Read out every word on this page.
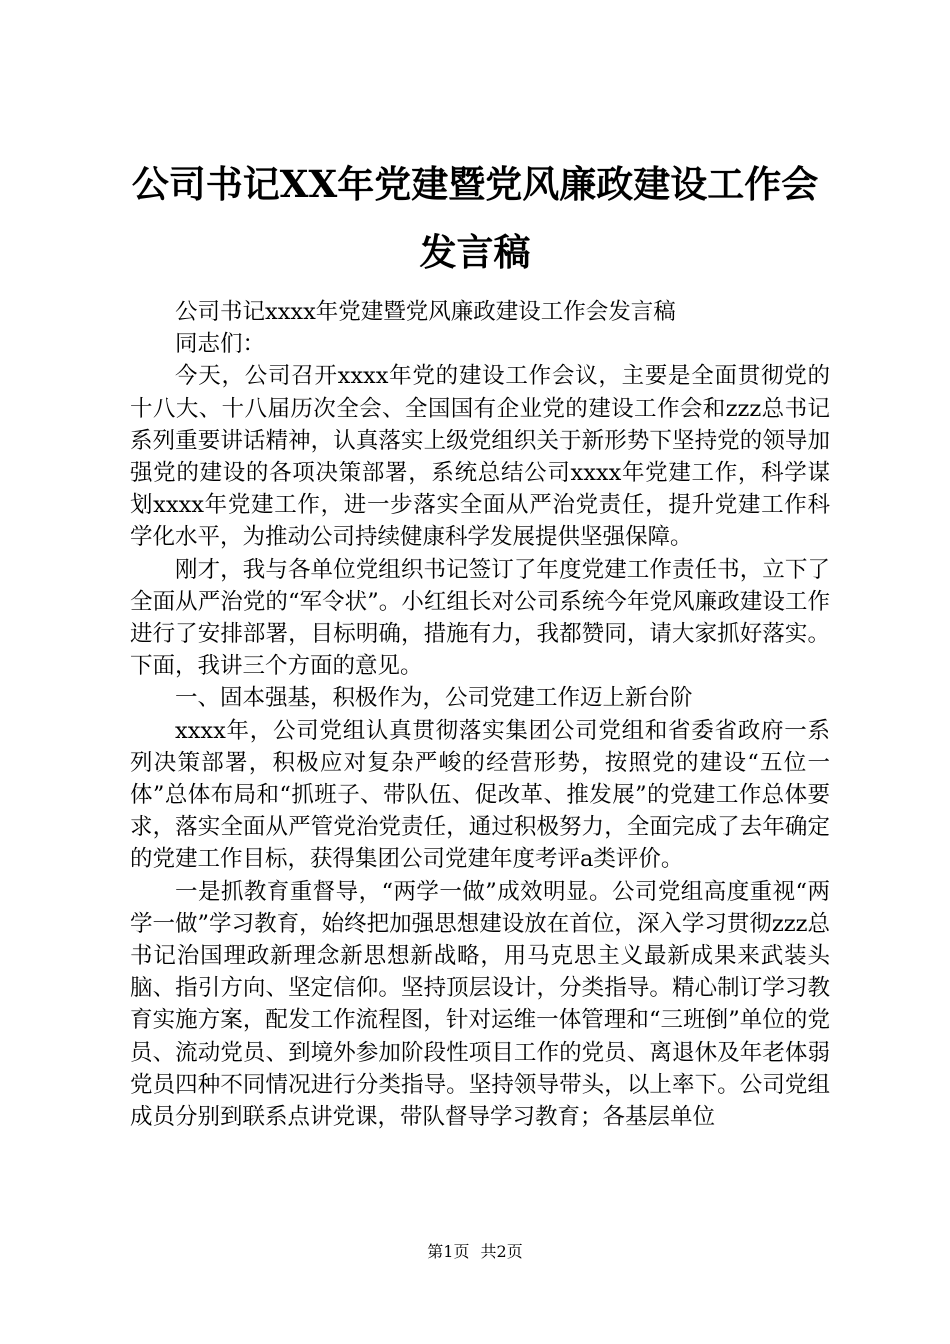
公司书记XX年党建暨党风廉政建设工作会发言稿

公司书记xxxx年党建暨党风廉政建设工作会发言稿

同志们：

今天，公司召开xxxx年党的建设工作会议，主要是全面贯彻党的十八大、十八届历次全会、全国国有企业党的建设工作会和zzz总书记系列重要讲话精神，认真落实上级党组织关于新形势下坚持党的领导加强党的建设的各项决策部署，系统总结公司xxxx年党建工作，科学谋划xxxx年党建工作，进一步落实全面从严治党责任，提升党建工作科学化水平，为推动公司持续健康科学发展提供坚强保障。

刚才，我与各单位党组织书记签订了年度党建工作责任书，立下了全面从严治党的“军令状”。小红组长对公司系统今年党风廉政建设工作进行了安排部署，目标明确，措施有力，我都赞同，请大家抓好落实。下面，我讲三个方面的意见。

一、固本强基，积极作为，公司党建工作迈上新台阶

xxxx年，公司党组认真贯彻落实集团公司党组和省委省政府一系列决策部署，积极应对复杂严峻的经营形势，按照党的建设“五位一体”总体布局和“抓班子、带队伍、促改革、推发展”的党建工作总体要求，落实全面从严管党治党责任，通过积极努力，全面完成了去年确定的党建工作目标，获得集团公司党建年度考评a类评价。

一是抓教育重督导，“两学一做”成效明显。公司党组高度重视“两学一做”学习教育，始终把加强思想建设放在首位，深入学习贯彻zzz总书记治国理政新理念新思想新战略，用马克思主义最新成果来武装头脑、指引方向、坚定信仰。坚持顶层设计，分类指导。精心制订学习教育实施方案，配发工作流程图，针对运维一体管理和“三班倒”单位的党员、流动党员、到境外参加阶段性项目工作的党员、离退休及年老体弱党员四种不同情况进行分类指导。坚持领导带头，以上率下。公司党组成员分别到联系点讲党课，带队督导学习教育；各基层单位

第1页 共2页
